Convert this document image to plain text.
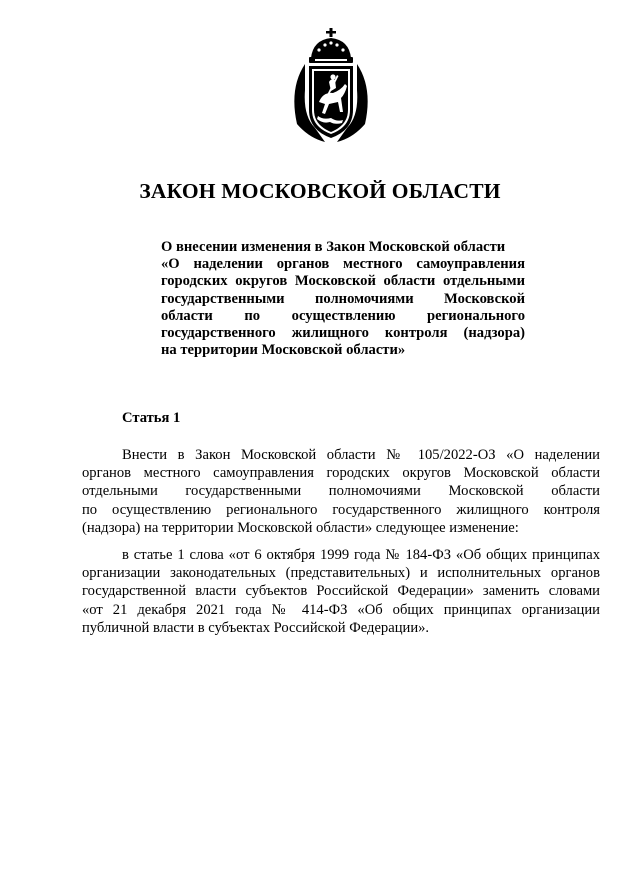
ЗАКОН МОСКОВСКОЙ ОБЛАСТИ
О внесении изменения в Закон Московской области
«О наделении органов местного самоуправления
городских округов Московской области отдельными
государственными полномочиями Московской
области по осуществлению регионального
государственного жилищного контроля (надзора)
на территории Московской области»
Статья 1
Внести в Закон Московской области № 105/2022-ОЗ «О наделении
органов местного самоуправления городских округов Московской области
отдельными государственными полномочиями Московской области
по осуществлению регионального государственного жилищного контроля
(надзора) на территории Московской области» следующее изменение:
в статье 1 слова «от 6 октября 1999 года № 184-ФЗ «Об общих принципах
организации законодательных (представительных) и исполнительных органов
государственной власти субъектов Российской Федерации» заменить словами
«от 21 декабря 2021 года № 414-ФЗ «Об общих принципах организации
публичной власти в субъектах Российской Федерации».
